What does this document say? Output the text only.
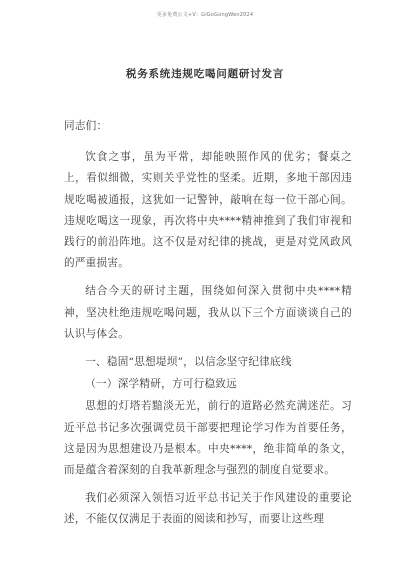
更多免费公文+V：GiGoGongWen2024
税务系统违规吃喝问题研讨发言

同志们：

饮食之事，虽为平常，却能映照作风的优劣；餐桌之上，看似细微，实则关乎党性的坚柔。近期，多地干部因违规吃喝被通报，这犹如一记警钟，敲响在每一位干部心间。违规吃喝这一现象，再次将中央****精神推到了我们审视和践行的前沿阵地。这不仅是对纪律的挑战，更是对党风政风的严重损害。

结合今天的研讨主题，围绕如何深入贯彻中央****精神，坚决杜绝违规吃喝问题，我从以下三个方面谈谈自己的认识与体会。

一、稳固“思想堤坝”，以信念坚守纪律底线

（一）深学精研，方可行稳致远

思想的灯塔若黯淡无光，前行的道路必然充满迷茫。习近平总书记多次强调党员干部要把理论学习作为首要任务，这是因为思想建设乃是根本。中央****，绝非简单的条文，而是蕴含着深刻的自我革新理念与强烈的制度自觉要求。

我们必须深入领悟习近平总书记关于作风建设的重要论述，不能仅仅满足于表面的阅读和抄写，而要让这些理
